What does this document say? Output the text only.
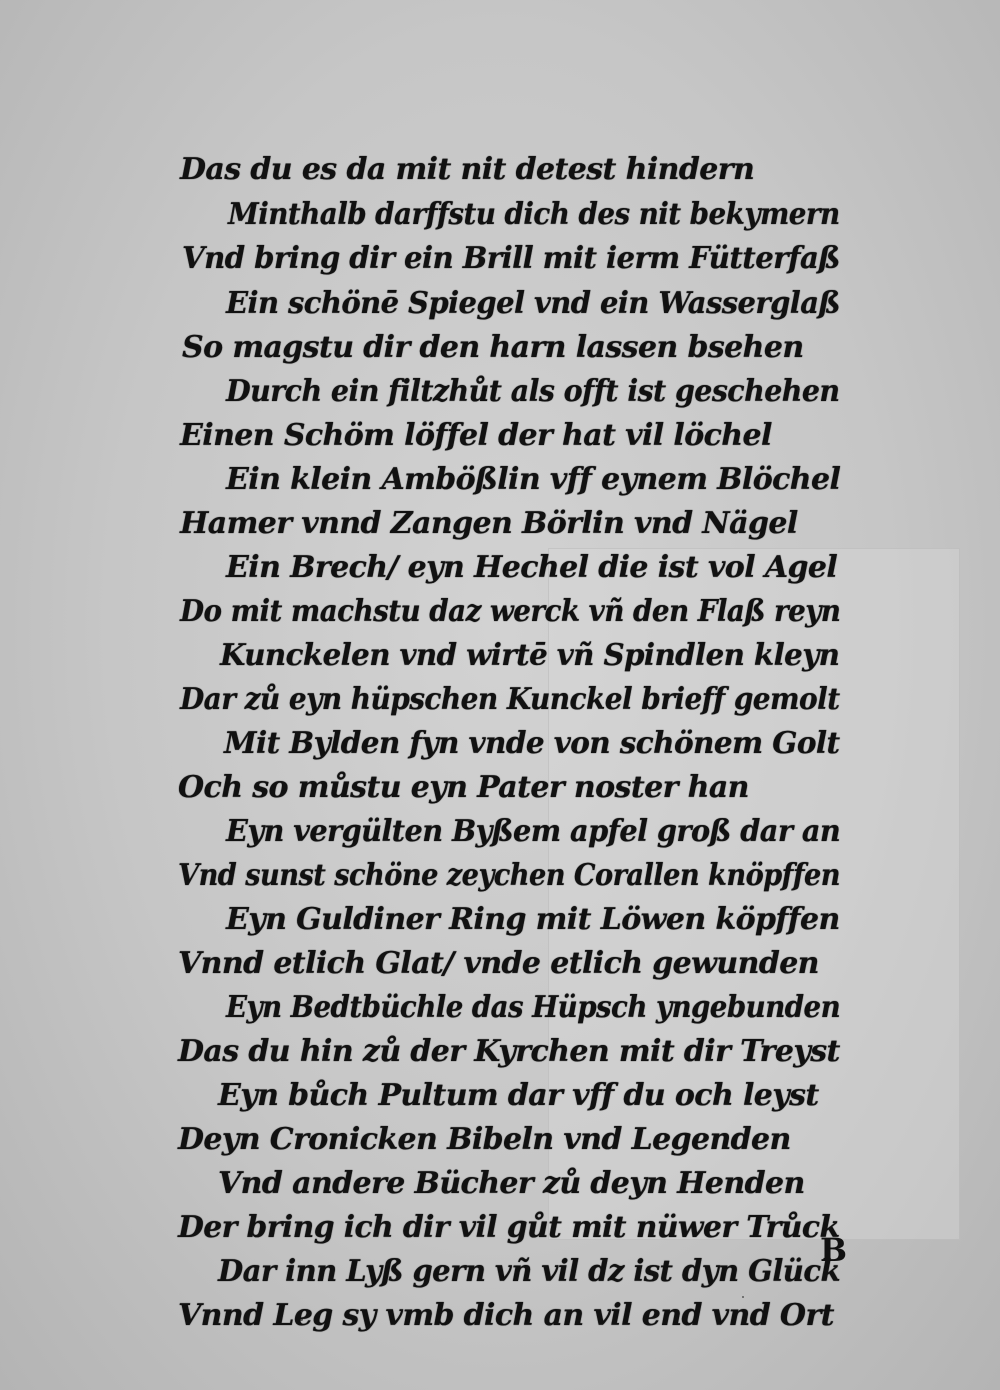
Das du es da mit nit detest hindern
Minthalb darffstu dich des nit bekymern
Vnd bring dir ein Brill mit ierm Fütterfaß
Ein schönē Spiegel vnd ein Wasserglaß
So magstu dir den harn lassen bsehen
Durch ein filtzhůt als offt ist geschehen
Einen Schöm löffel der hat vil löchel
Ein klein Ambößlin vff eynem Blöchel
Hamer vnnd Zangen Börlin vnd Nägel
Ein Brech/ eyn Hechel die ist vol Agel
Do mit machstu daz werck vñ den Flaß reyn
Kunckelen vnd wirtē vñ Spindlen kleyn
Dar zů eyn hüpschen Kunckel brieff gemolt
Mit Bylden fyn vnde von schönem Golt
Och so můstu eyn Pater noster han
Eyn vergülten Byßem apfel groß dar an
Vnd sunst schöne zeychen Corallen knöpffen
Eyn Guldiner Ring mit Löwen köpffen
Vnnd etlich Glat/ vnde etlich gewunden
Eyn Bedtbüchle das Hüpsch yngebunden
Das du hin zů der Kyrchen mit dir Treyst
Eyn bůch Pultum dar vff du och leyst
Deyn Cronicken Bibeln vnd Legenden
Vnd andere Bücher zů deyn Henden
Der bring ich dir vil gůt mit nüwer Trůck
Dar inn Lyß gern vñ vil dz ist dyn Glück
Vnnd Leg sy vmb dich an vil end vnd Ort
B
